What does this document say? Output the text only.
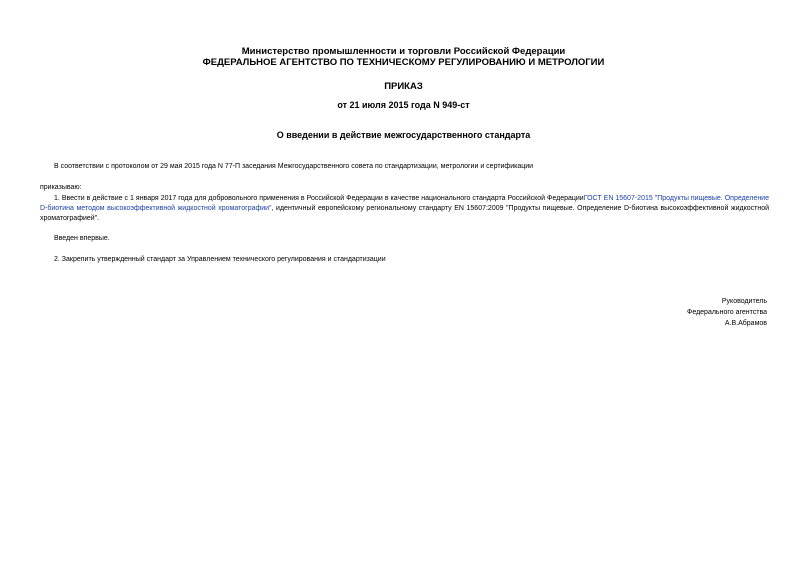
Министерство промышленности и торговли Российской Федерации
ФЕДЕРАЛЬНОЕ АГЕНТСТВО ПО ТЕХНИЧЕСКОМУ РЕГУЛИРОВАНИЮ И МЕТРОЛОГИИ
ПРИКАЗ
от 21 июля 2015 года N 949-ст
О введении в действие межгосударственного стандарта
В соответствии с протоколом от 29 мая 2015 года N 77-П заседания Межгосударственного совета по стандартизации, метрологии и сертификации
приказываю:
1. Ввести в действие с 1 января 2017 года для добровольного применения в Российской Федерации в качестве национального стандарта Российской ФедерацииГОСТ EN 15607-2015 "Продукты пищевые. Определение D-биотина методом высокоэффективной жидкостной хроматографии", идентичный европейскому региональному стандарту EN 15607:2009 "Продукты пищевые. Определение D-биотина высокоэффективной жидкостной хроматографией".
Введен впервые.
2. Закрепить утвержденный стандарт за Управлением технического регулирования и стандартизации
Руководитель
Федерального агентства
А.В.Абрамов
